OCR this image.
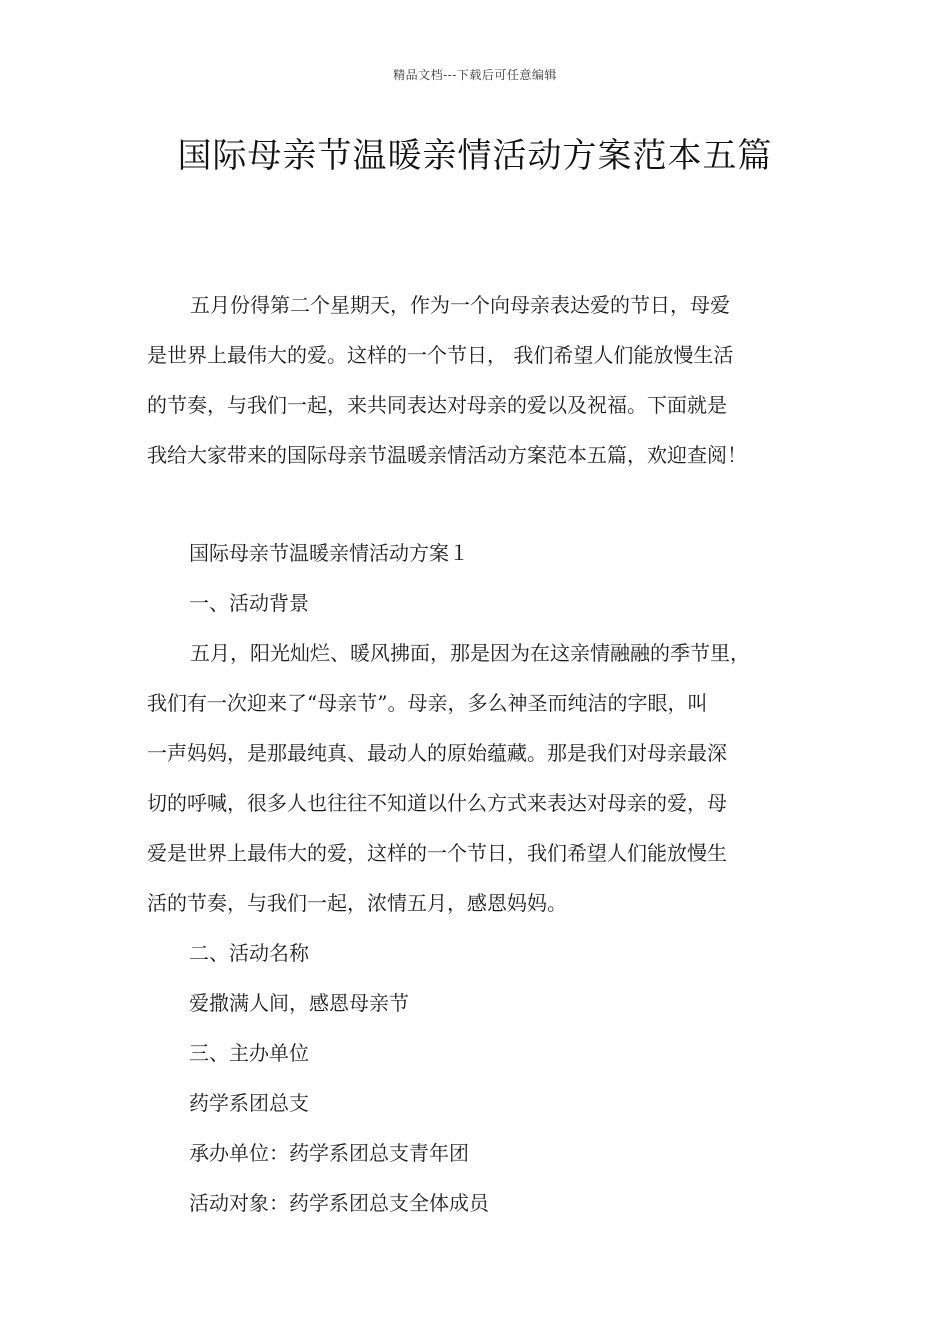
精品文档---下载后可任意编辑
国际母亲节温暖亲情活动方案范本五篇
五月份得第二个星期天，作为一个向母亲表达爱的节日，母爱
是世界上最伟大的爱。这样的一个节日， 我们希望人们能放慢生活
的节奏，与我们一起，来共同表达对母亲的爱以及祝福。下面就是
我给大家带来的国际母亲节温暖亲情活动方案范本五篇，欢迎查阅！
国际母亲节温暖亲情活动方案１
一、活动背景
五月，阳光灿烂、暖风拂面，那是因为在这亲情融融的季节里，
我们有一次迎来了“母亲节”。母亲，多么神圣而纯洁的字眼，叫
一声妈妈，是那最纯真、最动人的原始蕴藏。那是我们对母亲最深
切的呼喊，很多人也往往不知道以什么方式来表达对母亲的爱，母
爱是世界上最伟大的爱，这样的一个节日，我们希望人们能放慢生
活的节奏，与我们一起，浓情五月，感恩妈妈。
二、活动名称
爱撒满人间，感恩母亲节
三、主办单位
药学系团总支
承办单位：药学系团总支青年团
活动对象：药学系团总支全体成员
